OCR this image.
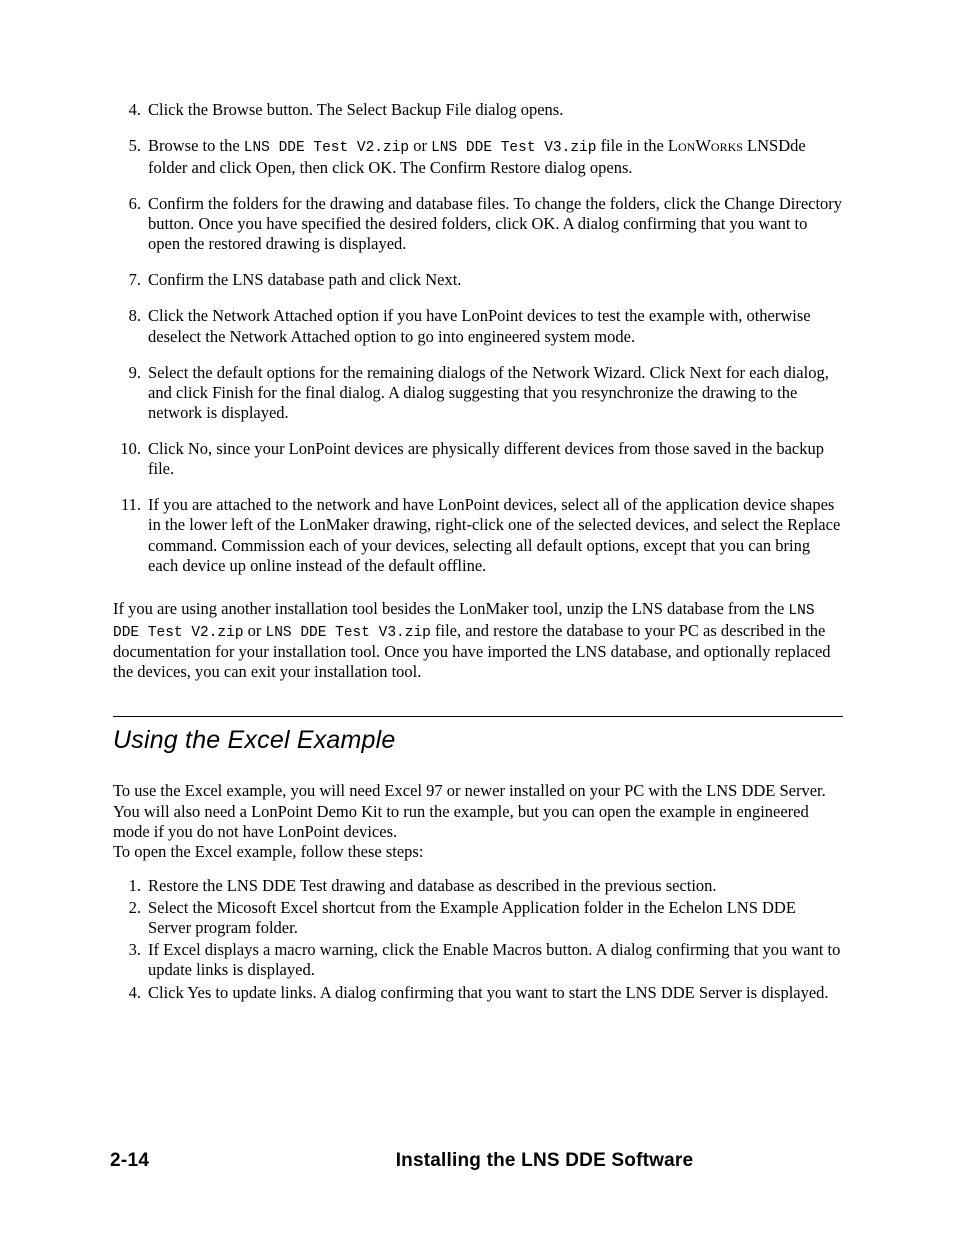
4. Click the Browse button. The Select Backup File dialog opens.
5. Browse to the LNS DDE Test V2.zip or LNS DDE Test V3.zip file in the LonWorks LNSDde folder and click Open, then click OK. The Confirm Restore dialog opens.
6. Confirm the folders for the drawing and database files. To change the folders, click the Change Directory button. Once you have specified the desired folders, click OK. A dialog confirming that you want to open the restored drawing is displayed.
7. Confirm the LNS database path and click Next.
8. Click the Network Attached option if you have LonPoint devices to test the example with, otherwise deselect the Network Attached option to go into engineered system mode.
9. Select the default options for the remaining dialogs of the Network Wizard. Click Next for each dialog, and click Finish for the final dialog. A dialog suggesting that you resynchronize the drawing to the network is displayed.
10. Click No, since your LonPoint devices are physically different devices from those saved in the backup file.
11. If you are attached to the network and have LonPoint devices, select all of the application device shapes in the lower left of the LonMaker drawing, right-click one of the selected devices, and select the Replace command. Commission each of your devices, selecting all default options, except that you can bring each device up online instead of the default offline.

If you are using another installation tool besides the LonMaker tool, unzip the LNS database from the LNS DDE Test V2.zip or LNS DDE Test V3.zip file, and restore the database to your PC as described in the documentation for your installation tool. Once you have imported the LNS database, and optionally replaced the devices, you can exit your installation tool.

Using the Excel Example

To use the Excel example, you will need Excel 97 or newer installed on your PC with the LNS DDE Server. You will also need a LonPoint Demo Kit to run the example, but you can open the example in engineered mode if you do not have LonPoint devices.

To open the Excel example, follow these steps:

1. Restore the LNS DDE Test drawing and database as described in the previous section.
2. Select the Micosoft Excel shortcut from the Example Application folder in the Echelon LNS DDE Server program folder.
3. If Excel displays a macro warning, click the Enable Macros button. A dialog confirming that you want to update links is displayed.
4. Click Yes to update links. A dialog confirming that you want to start the LNS DDE Server is displayed.
2-14	Installing the LNS DDE Software
